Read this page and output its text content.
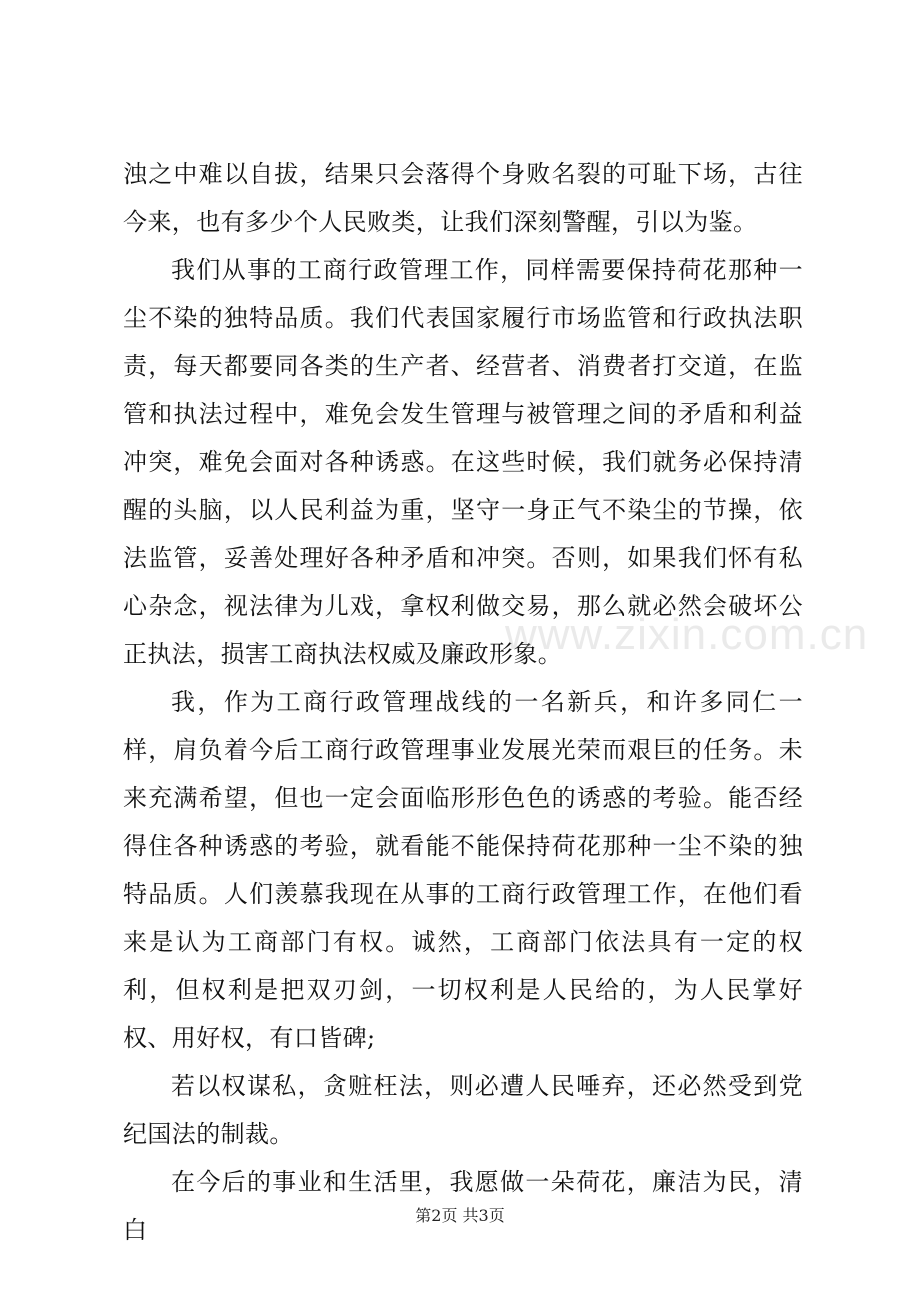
浊之中难以自拔，结果只会落得个身败名裂的可耻下场，古往今来，也有多少个人民败类，让我们深刻警醒，引以为鉴。

我们从事的工商行政管理工作，同样需要保持荷花那种一尘不染的独特品质。我们代表国家履行市场监管和行政执法职责，每天都要同各类的生产者、经营者、消费者打交道，在监管和执法过程中，难免会发生管理与被管理之间的矛盾和利益冲突，难免会面对各种诱惑。在这些时候，我们就务必保持清醒的头脑，以人民利益为重，坚守一身正气不染尘的节操，依法监管，妥善处理好各种矛盾和冲突。否则，如果我们怀有私心杂念，视法律为儿戏，拿权利做交易，那么就必然会破坏公正执法，损害工商执法权威及廉政形象。

我，作为工商行政管理战线的一名新兵，和许多同仁一样，肩负着今后工商行政管理事业发展光荣而艰巨的任务。未来充满希望，但也一定会面临形形色色的诱惑的考验。能否经得住各种诱惑的考验，就看能不能保持荷花那种一尘不染的独特品质。人们羡慕我现在从事的工商行政管理工作，在他们看来是认为工商部门有权。诚然，工商部门依法具有一定的权利，但权利是把双刃剑，一切权利是人民给的，为人民掌好权、用好权，有口皆碑;

若以权谋私，贪赃枉法，则必遭人民唾弃，还必然受到党纪国法的制裁。

在今后的事业和生活里，我愿做一朵荷花，廉洁为民，清白

www.zixin.com.cn
第2页 共3页
